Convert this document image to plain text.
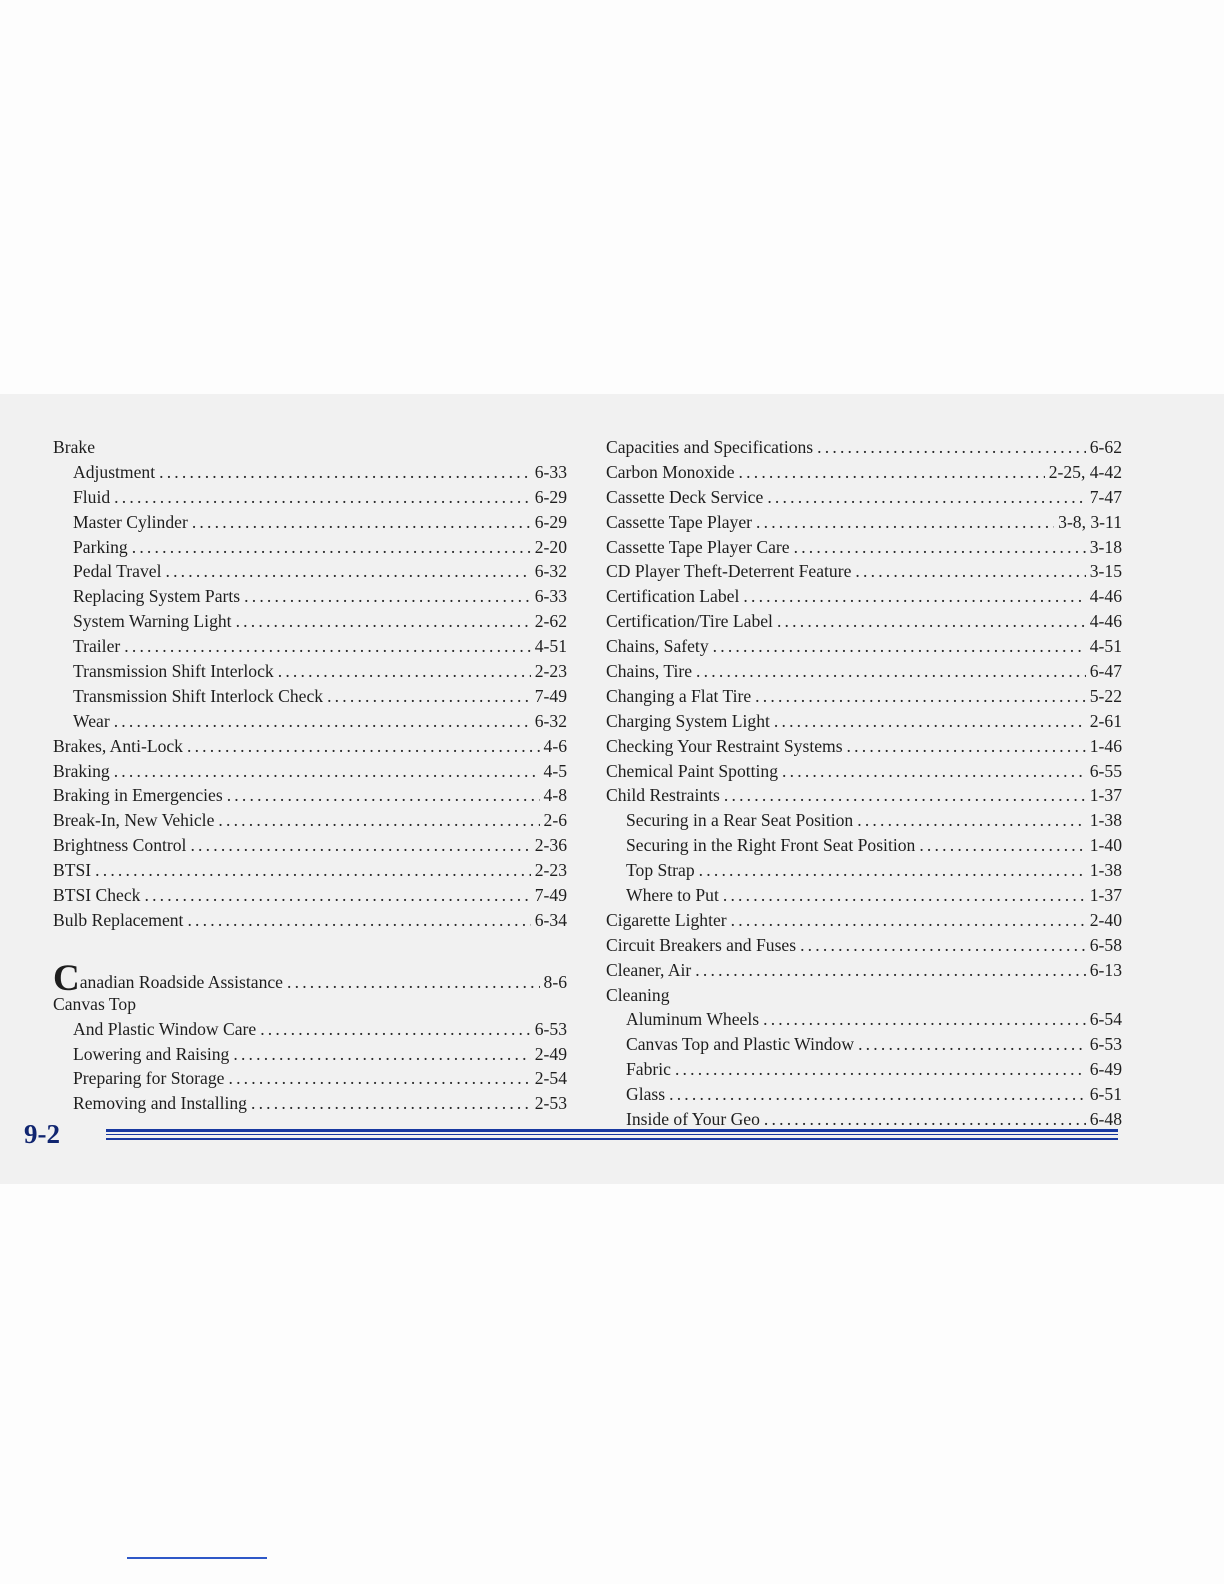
Brake
Adjustment .....	6-33
Fluid .....	6-29
Master Cylinder .....	6-29
Parking .....	2-20
Pedal Travel .....	6-32
Replacing System Parts .....	6-33
System Warning Light .....	2-62
Trailer .....	4-51
Transmission Shift Interlock .....	2-23
Transmission Shift Interlock Check .....	7-49
Wear .....	6-32
Brakes, Anti-Lock .....	4-6
Braking .....	4-5
Braking in Emergencies .....	4-8
Break-In, New Vehicle .....	2-6
Brightness Control .....	2-36
BTSI .....	2-23
BTSI Check .....	7-49
Bulb Replacement .....	6-34
Canadian Roadside Assistance .....	8-6
Canvas Top
And Plastic Window Care .....	6-53
Lowering and Raising .....	2-49
Preparing for Storage .....	2-54
Removing and Installing .....	2-53
Capacities and Specifications .....	6-62
Carbon Monoxide .....	2-25, 4-42
Cassette Deck Service .....	7-47
Cassette Tape Player .....	3-8, 3-11
Cassette Tape Player Care .....	3-18
CD Player Theft-Deterrent Feature .....	3-15
Certification Label .....	4-46
Certification/Tire Label .....	4-46
Chains, Safety .....	4-51
Chains, Tire .....	6-47
Changing a Flat Tire .....	5-22
Charging System Light .....	2-61
Checking Your Restraint Systems .....	1-46
Chemical Paint Spotting .....	6-55
Child Restraints .....	1-37
Securing in a Rear Seat Position .....	1-38
Securing in the Right Front Seat Position .....	1-40
Top Strap .....	1-38
Where to Put .....	1-37
Cigarette Lighter .....	2-40
Circuit Breakers and Fuses .....	6-58
Cleaner, Air .....	6-13
Cleaning
Aluminum Wheels .....	6-54
Canvas Top and Plastic Window .....	6-53
Fabric .....	6-49
Glass .....	6-51
Inside of Your Geo .....	6-48
9-2
